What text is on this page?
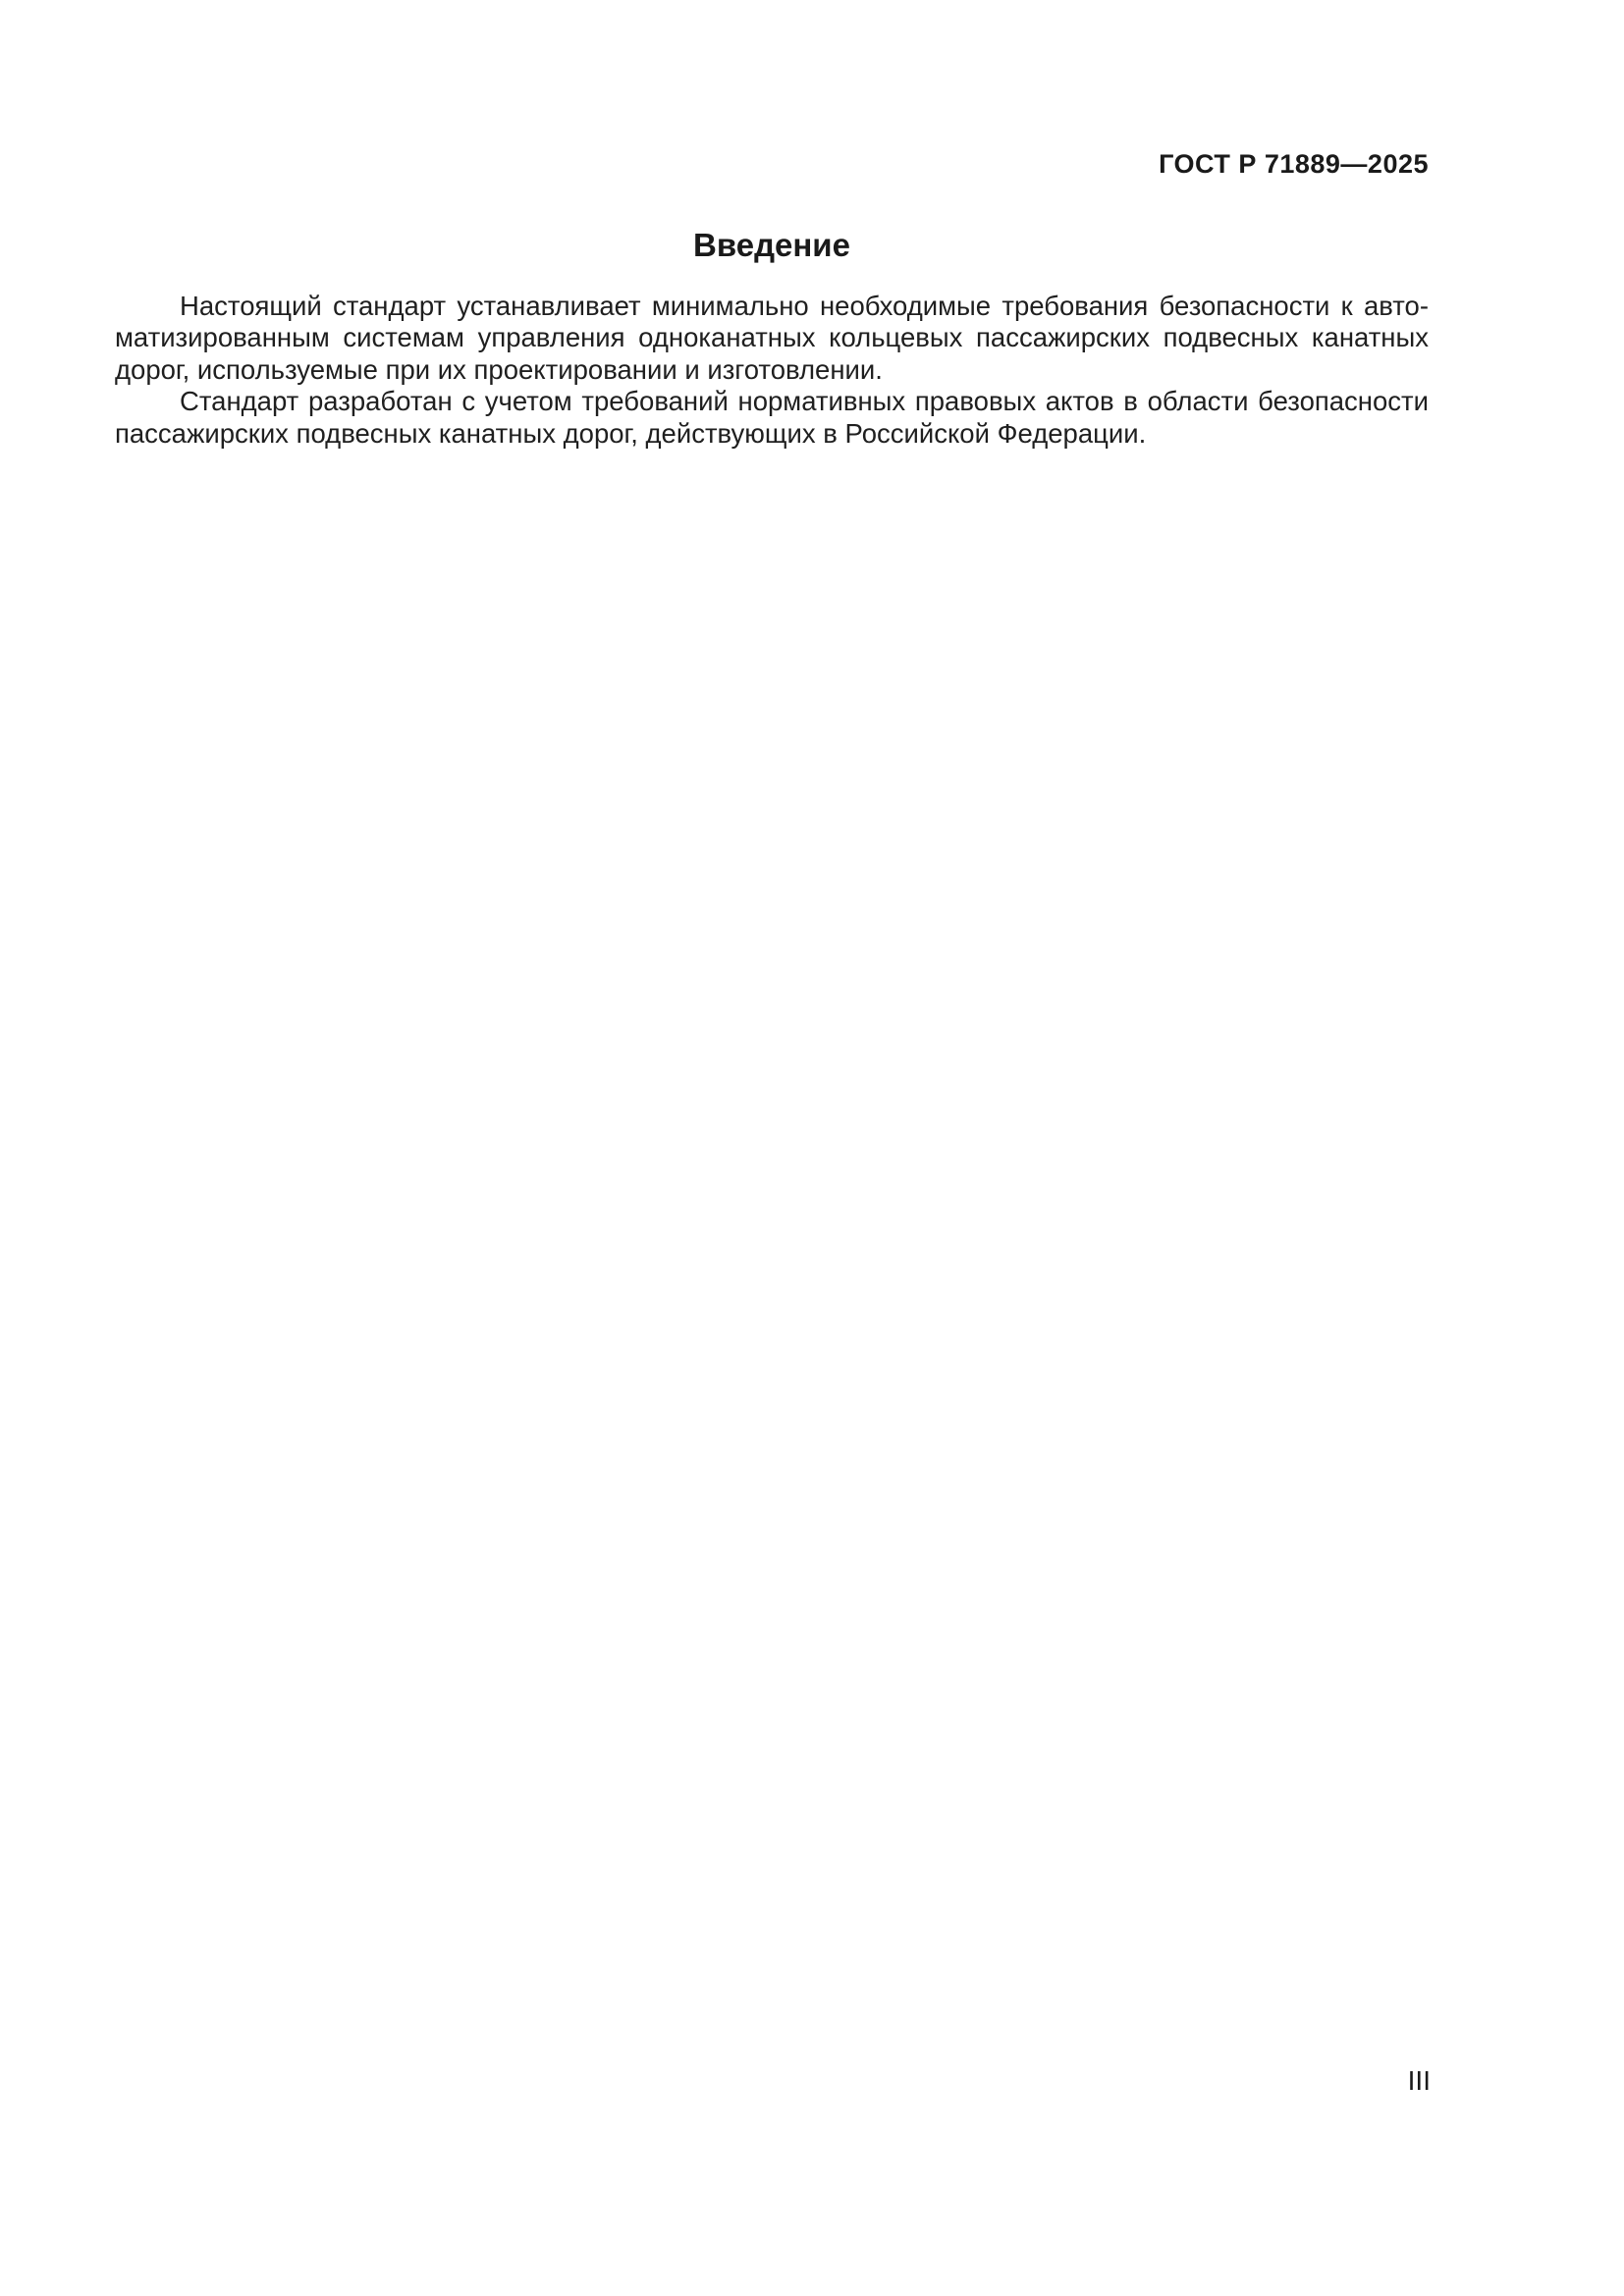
ГОСТ Р 71889—2025
Введение
Настоящий стандарт устанавливает минимально необходимые требования безопасности к авто-
матизированным системам управления одноканатных кольцевых пассажирских подвесных канатных
дорог, используемые при их проектировании и изготовлении.
Стандарт разработан с учетом требований нормативных правовых актов в области безопасности
пассажирских подвесных канатных дорог, действующих в Российской Федерации.
III
